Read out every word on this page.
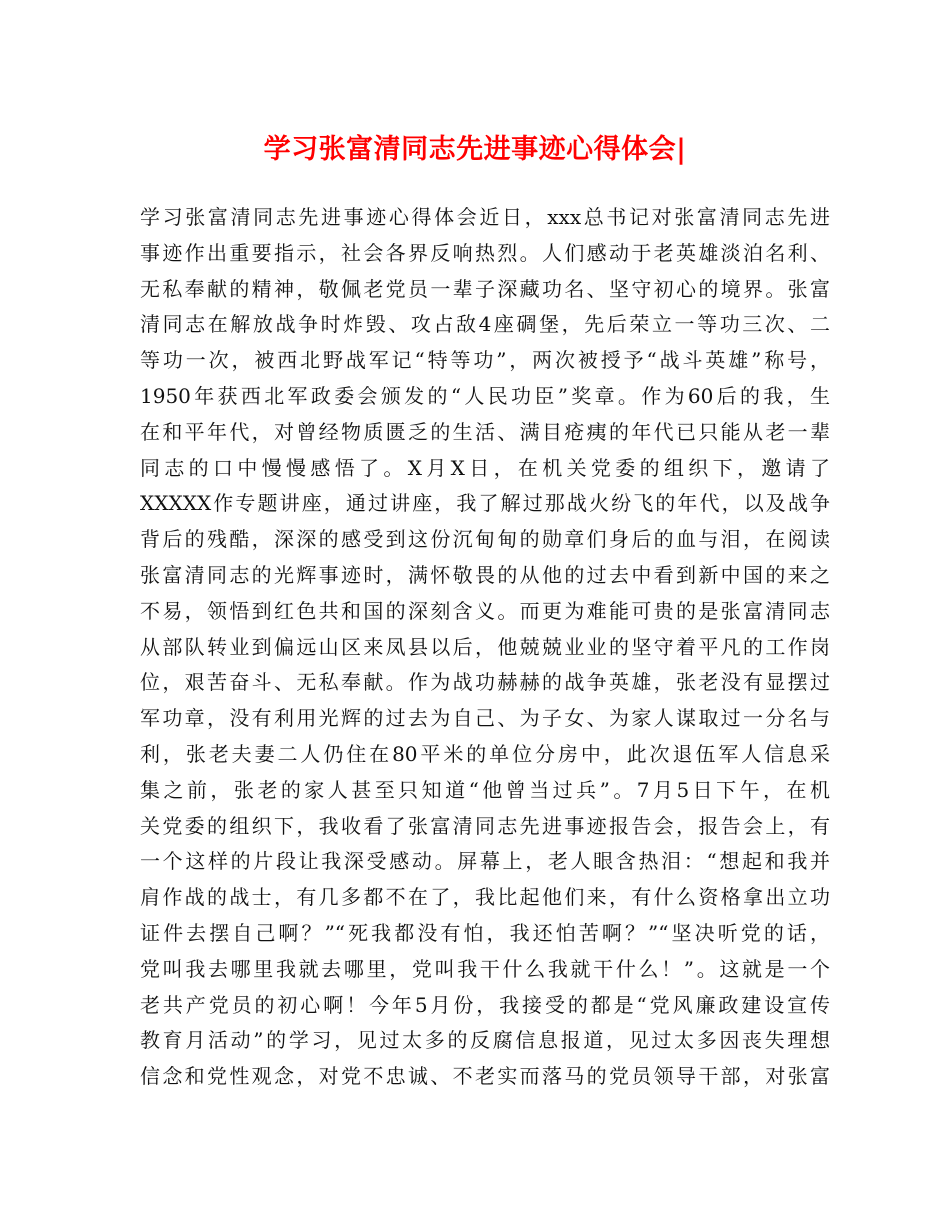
学习张富清同志先进事迹心得体会|
学习张富清同志先进事迹心得体会近日，xxx总书记对张富清同志先进
事迹作出重要指示，社会各界反响热烈。人们感动于老英雄淡泊名利、
无私奉献的精神，敬佩老党员一辈子深藏功名、坚守初心的境界。张富
清同志在解放战争时炸毁、攻占敌4座碉堡，先后荣立一等功三次、二
等功一次，被西北野战军记“特等功”，两次被授予“战斗英雄”称号，
1950年获西北军政委会颁发的“人民功臣”奖章。作为60后的我，生
在和平年代，对曾经物质匮乏的生活、满目疮痍的年代已只能从老一辈
同志的口中慢慢感悟了。X月X日，在机关党委的组织下，邀请了
XXXXX作专题讲座，通过讲座，我了解过那战火纷飞的年代，以及战争
背后的残酷，深深的感受到这份沉甸甸的勋章们身后的血与泪，在阅读
张富清同志的光辉事迹时，满怀敬畏的从他的过去中看到新中国的来之
不易，领悟到红色共和国的深刻含义。而更为难能可贵的是张富清同志
从部队转业到偏远山区来凤县以后，他兢兢业业的坚守着平凡的工作岗
位，艰苦奋斗、无私奉献。作为战功赫赫的战争英雄，张老没有显摆过
军功章，没有利用光辉的过去为自己、为子女、为家人谋取过一分名与
利，张老夫妻二人仍住在80平米的单位分房中，此次退伍军人信息采
集之前，张老的家人甚至只知道“他曾当过兵”。7月5日下午，在机
关党委的组织下，我收看了张富清同志先进事迹报告会，报告会上，有
一个这样的片段让我深受感动。屏幕上，老人眼含热泪：“想起和我并
肩作战的战士，有几多都不在了，我比起他们来，有什么资格拿出立功
证件去摆自己啊？”“死我都没有怕，我还怕苦啊？”“坚决听党的话，
党叫我去哪里我就去哪里，党叫我干什么我就干什么！”。这就是一个
老共产党员的初心啊！今年5月份，我接受的都是“党风廉政建设宣传
教育月活动”的学习，见过太多的反腐信息报道，见过太多因丧失理想
信念和党性观念，对党不忠诚、不老实而落马的党员领导干部，对张富
